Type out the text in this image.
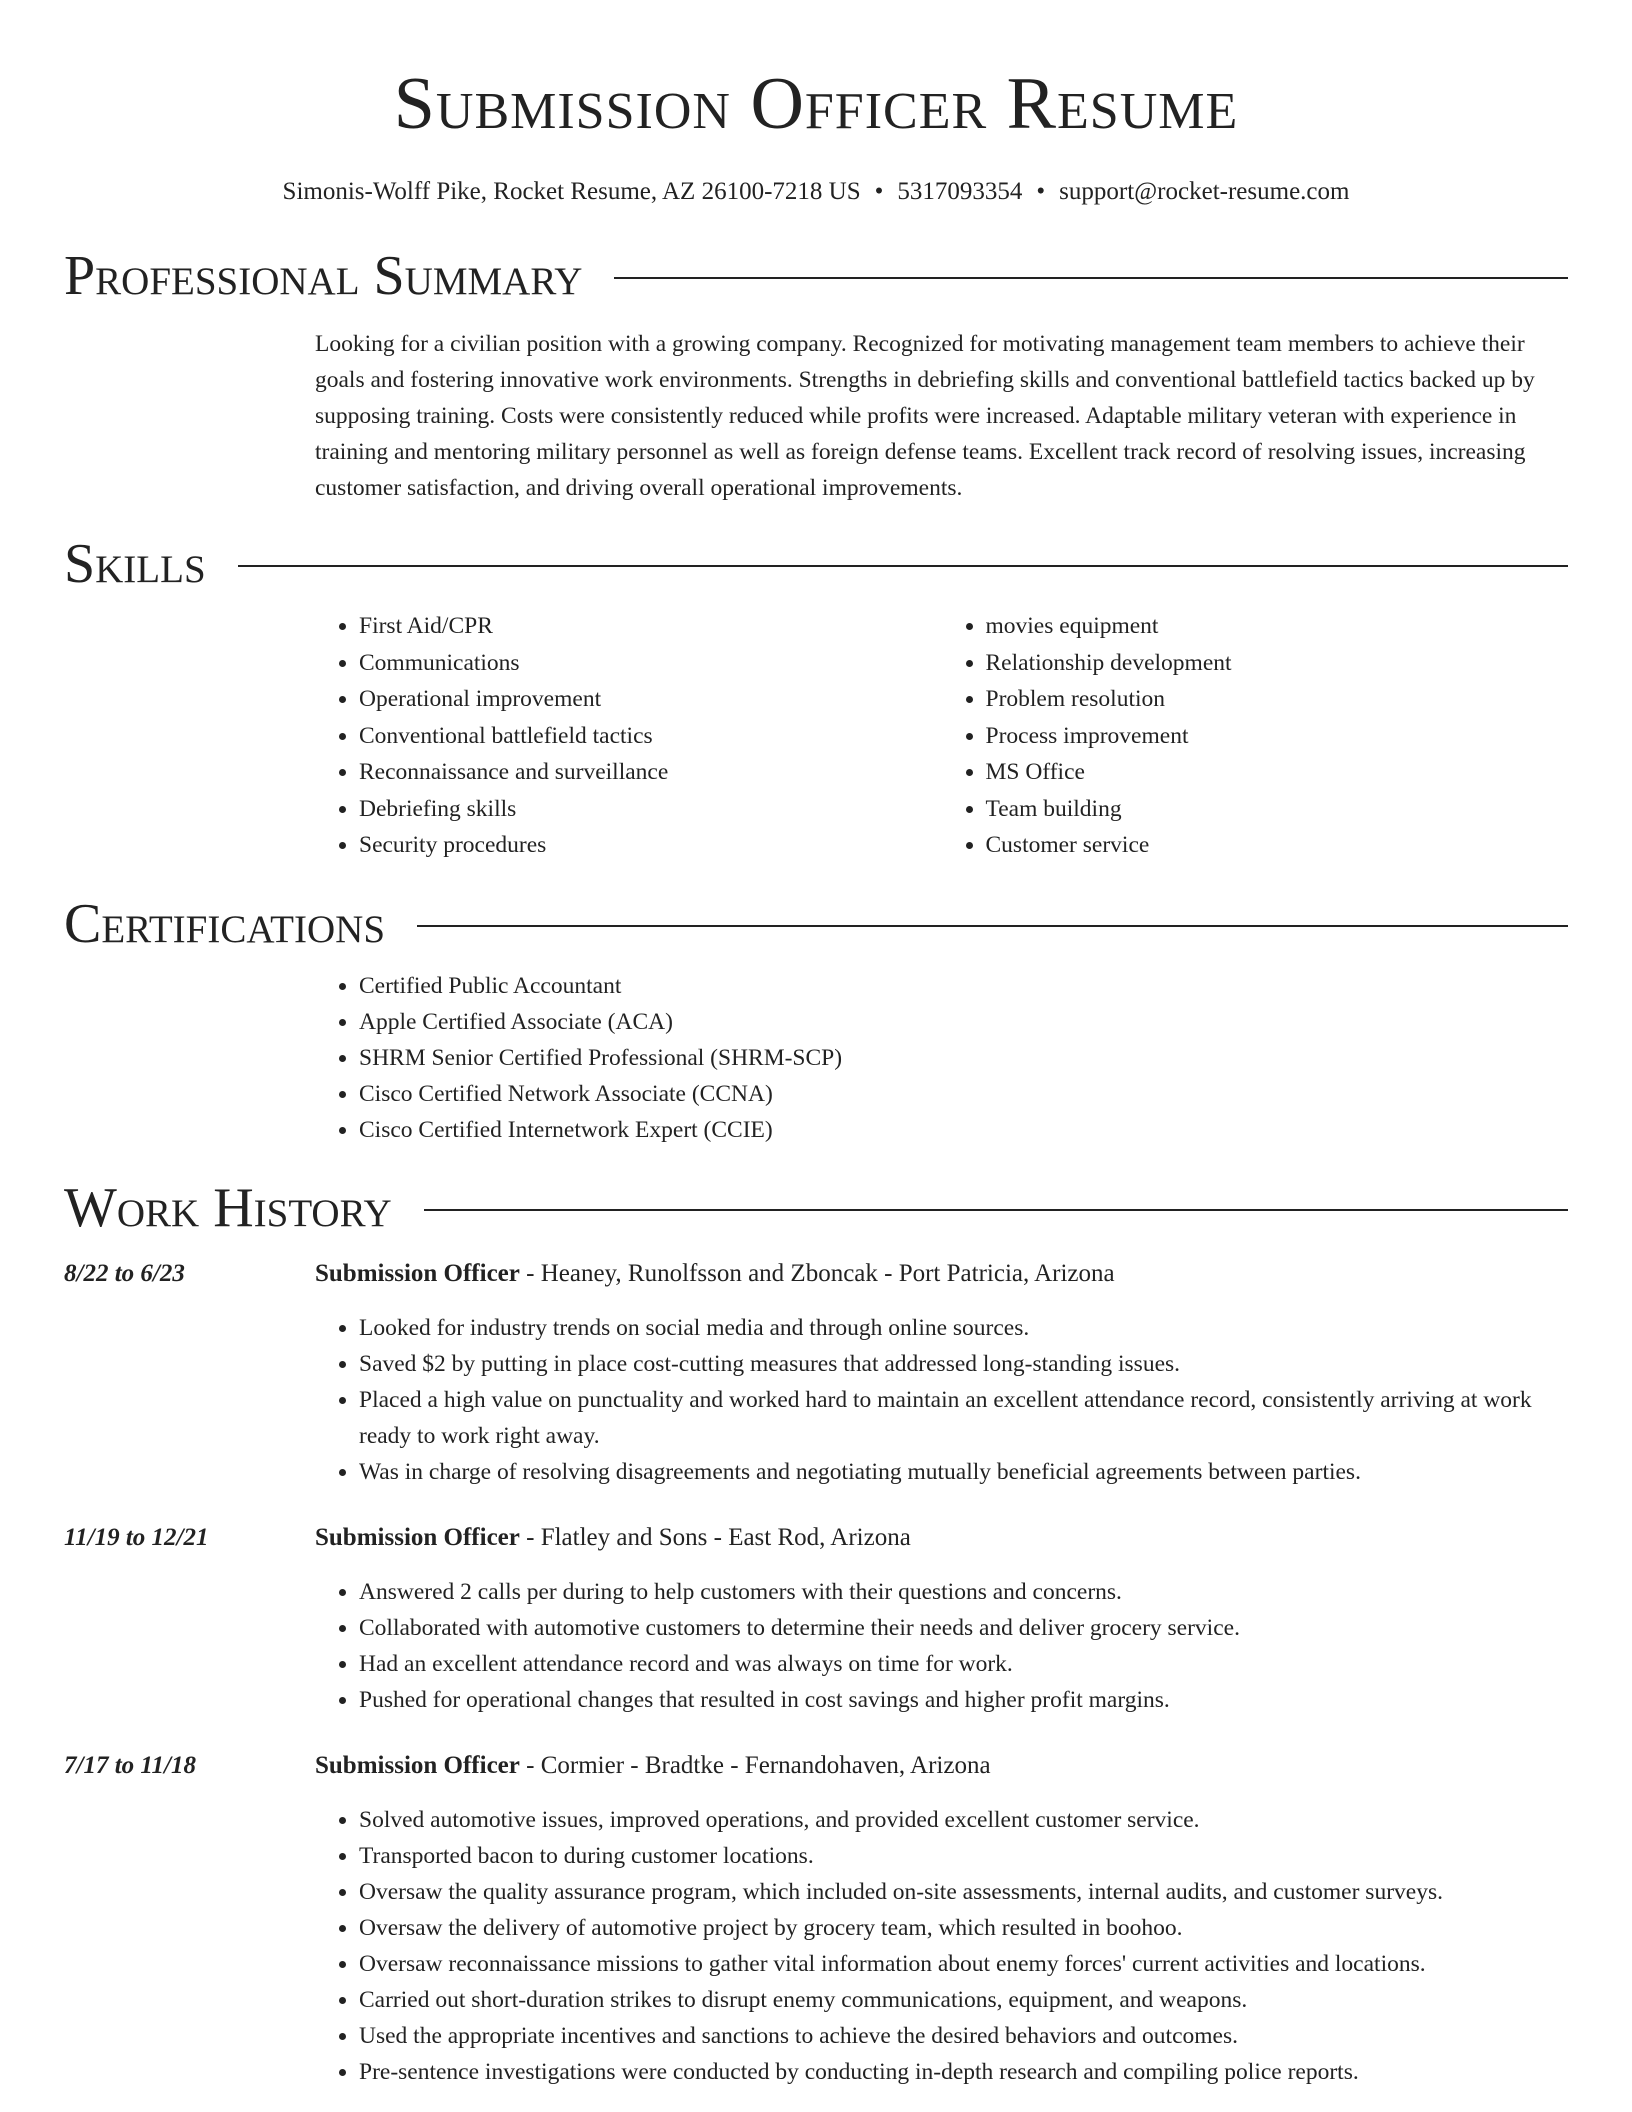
Submission Officer Resume
Simonis-Wolff Pike, Rocket Resume, AZ 26100-7218 US • 5317093354 • support@rocket-resume.com
Professional Summary

Looking for a civilian position with a growing company. Recognized for motivating management team members to achieve their goals and fostering innovative work environments. Strengths in debriefing skills and conventional battlefield tactics backed up by supposing training. Costs were consistently reduced while profits were increased. Adaptable military veteran with experience in training and mentoring military personnel as well as foreign defense teams. Excellent track record of resolving issues, increasing customer satisfaction, and driving overall operational improvements.

Skills
• First Aid/CPR
• Communications
• Operational improvement
• Conventional battlefield tactics
• Reconnaissance and surveillance
• Debriefing skills
• Security procedures
• movies equipment
• Relationship development
• Problem resolution
• Process improvement
• MS Office
• Team building
• Customer service
Certifications
• Certified Public Accountant
• Apple Certified Associate (ACA)
• SHRM Senior Certified Professional (SHRM-SCP)
• Cisco Certified Network Associate (CCNA)
• Cisco Certified Internetwork Expert (CCIE)
Work History
8/22 to 6/23	Submission Officer - Heaney, Runolfsson and Zboncak - Port Patricia, Arizona
• Looked for industry trends on social media and through online sources.
• Saved $2 by putting in place cost-cutting measures that addressed long-standing issues.
• Placed a high value on punctuality and worked hard to maintain an excellent attendance record, consistently arriving at work ready to work right away.
• Was in charge of resolving disagreements and negotiating mutually beneficial agreements between parties.
11/19 to 12/21	Submission Officer - Flatley and Sons - East Rod, Arizona
• Answered 2 calls per during to help customers with their questions and concerns.
• Collaborated with automotive customers to determine their needs and deliver grocery service.
• Had an excellent attendance record and was always on time for work.
• Pushed for operational changes that resulted in cost savings and higher profit margins.
7/17 to 11/18	Submission Officer - Cormier - Bradtke - Fernandohaven, Arizona
• Solved automotive issues, improved operations, and provided excellent customer service.
• Transported bacon to during customer locations.
• Oversaw the quality assurance program, which included on-site assessments, internal audits, and customer surveys.
• Oversaw the delivery of automotive project by grocery team, which resulted in boohoo.
• Oversaw reconnaissance missions to gather vital information about enemy forces' current activities and locations.
• Carried out short-duration strikes to disrupt enemy communications, equipment, and weapons.
• Used the appropriate incentives and sanctions to achieve the desired behaviors and outcomes.
• Pre-sentence investigations were conducted by conducting in-depth research and compiling police reports.
